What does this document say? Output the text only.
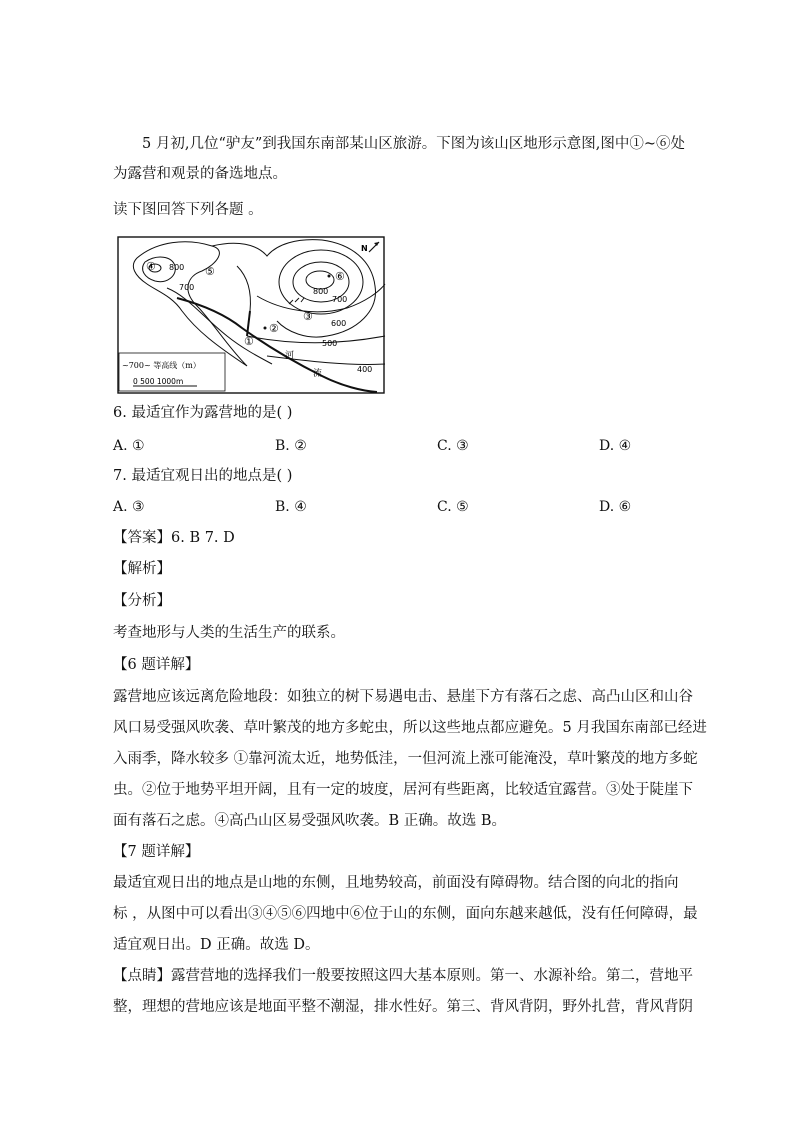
5 月初,几位“驴友”到我国东南部某山区旅游。下图为该山区地形示意图,图中①~⑥处
为露营和观景的备选地点。
读下图回答下列各题 。
800
700
600
500
400
800
700
①
②
③
④	⑤	⑥
河
流
N
~700~ 等高线（m）
0 500 1000m
6. 最适宜作为露营地的是( )
A. ①	B. ②	C. ③	D. ④
7. 最适宜观日出的地点是( )
A. ③	B. ④	C. ⑤	D. ⑥
【答案】6. B 7. D
【解析】
【分析】
考查地形与人类的生活生产的联系。
【6 题详解】
露营地应该远离危险地段：如独立的树下易遇电击、悬崖下方有落石之虑、高凸山区和山谷
风口易受强风吹袭、草叶繁茂的地方多蛇虫，所以这些地点都应避免。5 月我国东南部已经进
入雨季，降水较多 ①靠河流太近，地势低洼，一但河流上涨可能淹没，草叶繁茂的地方多蛇
虫。②位于地势平坦开阔，且有一定的坡度，居河有些距离，比较适宜露营。③处于陡崖下
面有落石之虑。④高凸山区易受强风吹袭。B 正确。故选 B。
【7 题详解】
最适宜观日出的地点是山地的东侧，且地势较高，前面没有障碍物。结合图的向北的指向
标 ，从图中可以看出③④⑤⑥四地中⑥位于山的东侧，面向东越来越低，没有任何障碍，最
适宜观日出。D 正确。故选 D。
【点睛】露营营地的选择我们一般要按照这四大基本原则。第一、水源补给。第二，营地平
整，理想的营地应该是地面平整不潮湿，排水性好。第三、背风背阴，野外扎营，背风背阴
